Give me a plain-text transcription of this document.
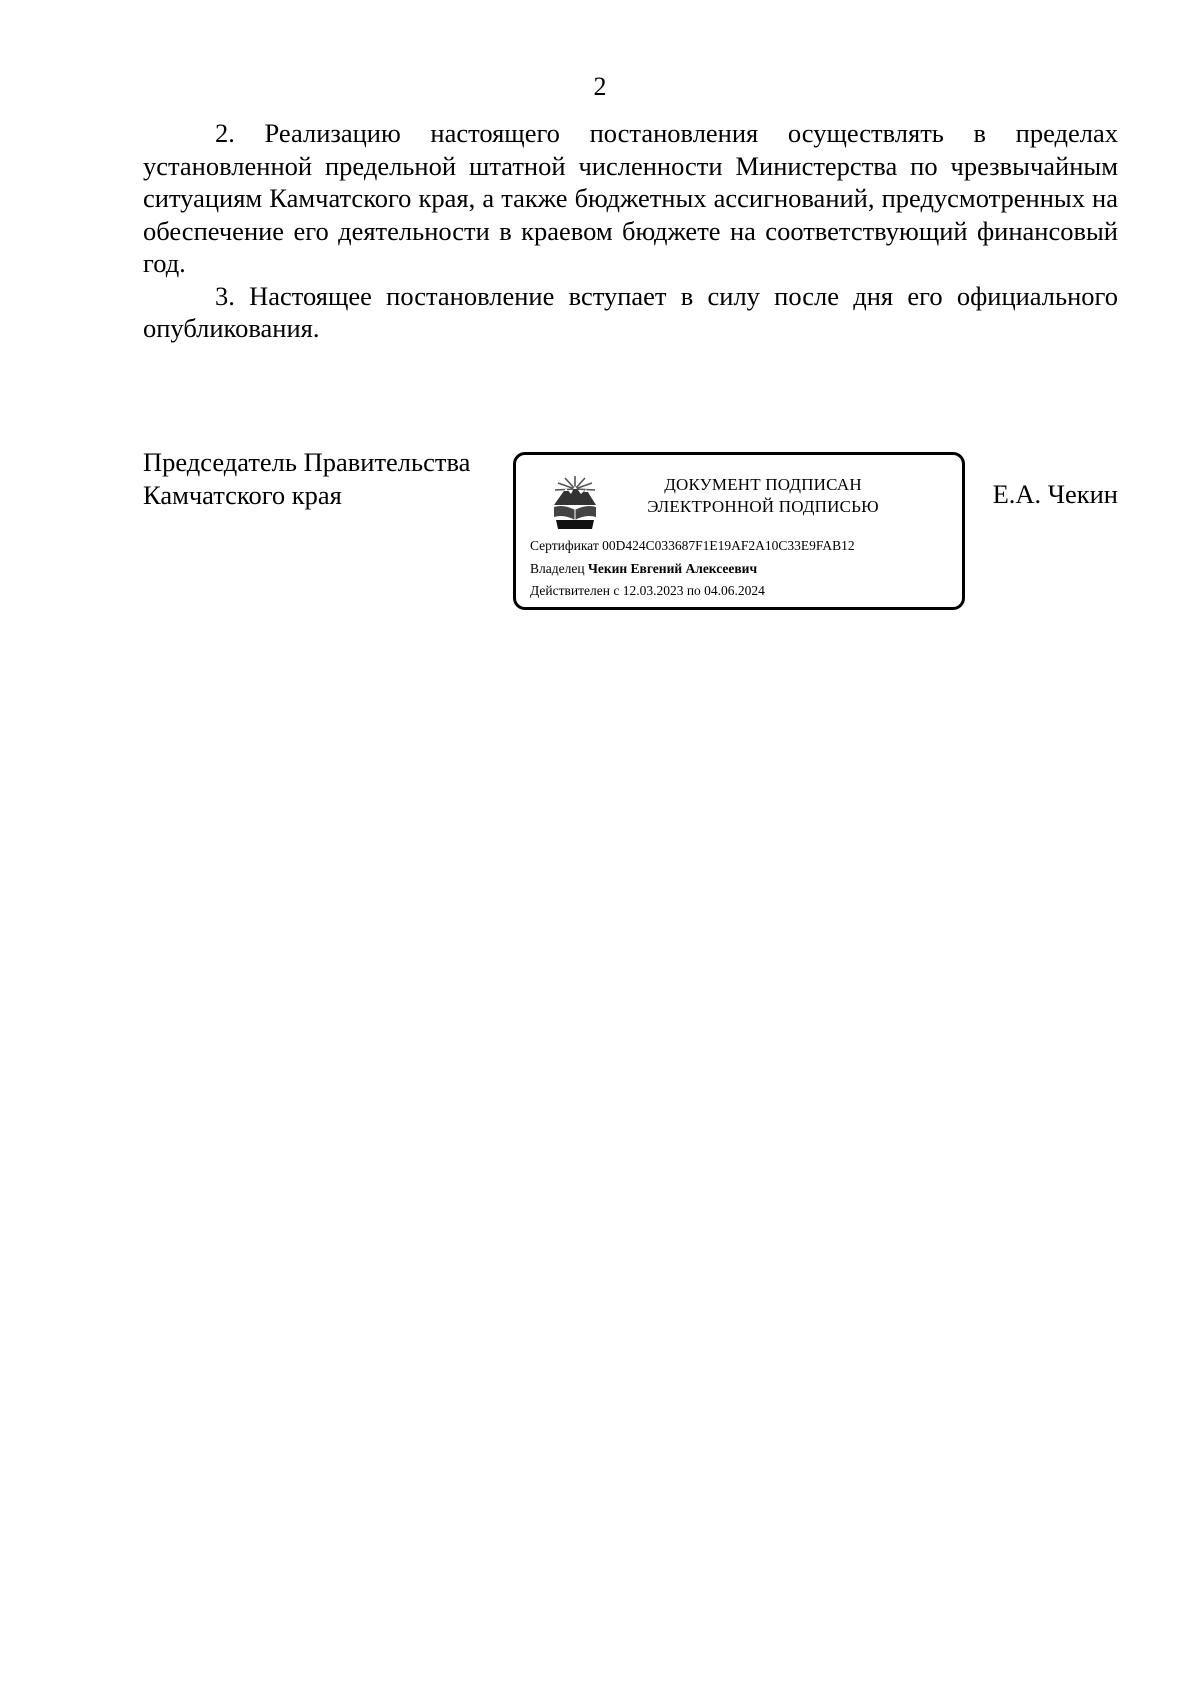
2

2. Реализацию настоящего постановления осуществлять в пределах установленной предельной штатной численности Министерства по чрезвычайным ситуациям Камчатского края, а также бюджетных ассигнований, предусмотренных на обеспечение его деятельности в краевом бюджете на соответствующий финансовый год.

3. Настоящее постановление вступает в силу после дня его официального опубликования.

Председатель Правительства
Камчатского края	ДОКУМЕНТ ПОДПИСАН
ЭЛЕКТРОННОЙ ПОДПИСЬЮ
Сертификат 00D424C033687F1E19AF2A10C33E9FAB12
Владелец Чекин Евгений Алексеевич
Действителен с 12.03.2023 по 04.06.2024
Е.А. Чекин
